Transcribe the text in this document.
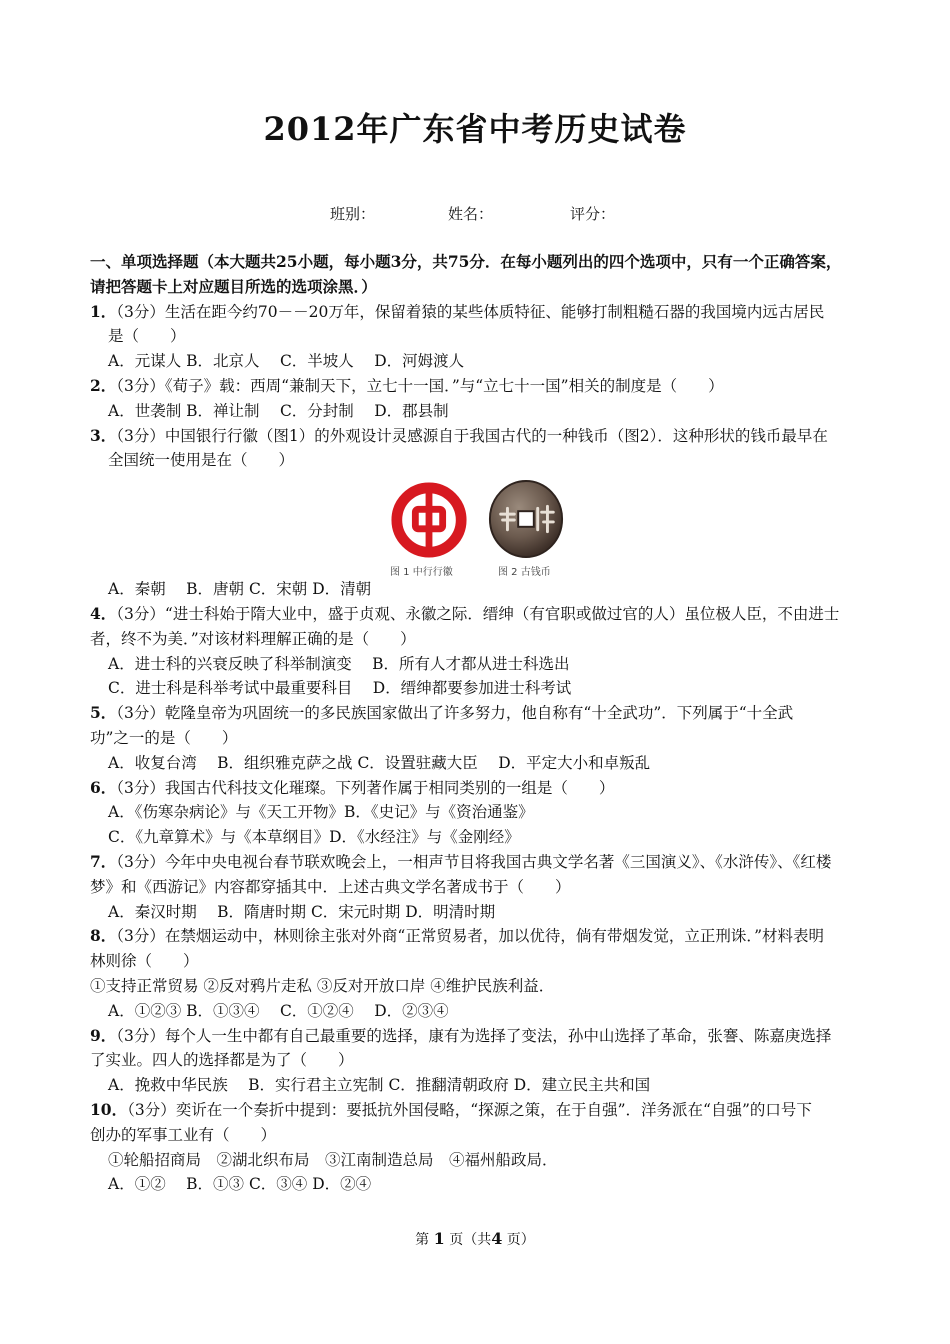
2012年广东省中考历史试卷
班别：	姓名：	评分：
一、单项选择题（本大题共25小题，每小题3分，共75分．在每小题列出的四个选项中，只有一个正确答案，
请把答题卡上对应题目所选的选项涂黑．）
1．（3分）生活在距今约70－－20万年，保留着猿的某些体质特征、能够打制粗糙石器的我国境内远古居民
是（　　）
A．元谋人 B．北京人　 C．半坡人　 D．河姆渡人
2．（3分）《荀子》载：西周“兼制天下，立七十一国．”与“立七十一国”相关的制度是（　　）
A．世袭制 B．禅让制　 C．分封制　 D．郡县制
3．（3分）中国银行行徽（图1）的外观设计灵感源自于我国古代的一种钱币（图2）．这种形状的钱币最早在
全国统一使用是在（　　）
图 1 中行行徽	图 2 古钱币
A．秦朝　 B．唐朝 C．宋朝 D．清朝
4．（3分）“进士科始于隋大业中，盛于贞观、永徽之际．缙绅（有官职或做过官的人）虽位极人臣，不由进士
者，终不为美．”对该材料理解正确的是（　　）
A．进士科的兴衰反映了科举制演变　 B．所有人才都从进士科选出
C．进士科是科举考试中最重要科目　 D．缙绅都要参加进士科考试
5．（3分）乾隆皇帝为巩固统一的多民族国家做出了许多努力，他自称有“十全武功”．下列属于“十全武
功”之一的是（　　）
A．收复台湾　 B．组织雅克萨之战 C．设置驻藏大臣　 D．平定大小和卓叛乱
6．（3分）我国古代科技文化璀璨。下列著作属于相同类别的一组是（　　）
A．《伤寒杂病论》与《天工开物》B．《史记》与《资治通鉴》
C．《九章算术》与《本草纲目》D．《水经注》与《金刚经》
7．（3分）今年中央电视台春节联欢晚会上，一相声节目将我国古典文学名著《三国演义》、《水浒传》、《红楼
梦》和《西游记》内容都穿插其中．上述古典文学名著成书于（　　）
A．秦汉时期　 B．隋唐时期 C．宋元时期 D．明清时期
8．（3分）在禁烟运动中，林则徐主张对外商“正常贸易者，加以优待，倘有带烟发觉，立正刑诛．”材料表明
林则徐（　　）
①支持正常贸易 ②反对鸦片走私 ③反对开放口岸 ④维护民族利益．
A．①②③ B．①③④　 C．①②④　 D．②③④
9．（3分）每个人一生中都有自己最重要的选择，康有为选择了变法，孙中山选择了革命，张謇、陈嘉庚选择
了实业。四人的选择都是为了（　　）
A．挽救中华民族　 B．实行君主立宪制 C．推翻清朝政府 D．建立民主共和国
10．（3分）奕䜣在一个奏折中提到：要抵抗外国侵略，“探源之策，在于自强”．洋务派在“自强”的口号下
创办的军事工业有（　　）
①轮船招商局　②湖北织布局　③江南制造总局　④福州船政局．
A．①②　 B．①③ C．③④ D．②④
第 1 页（共4 页）
